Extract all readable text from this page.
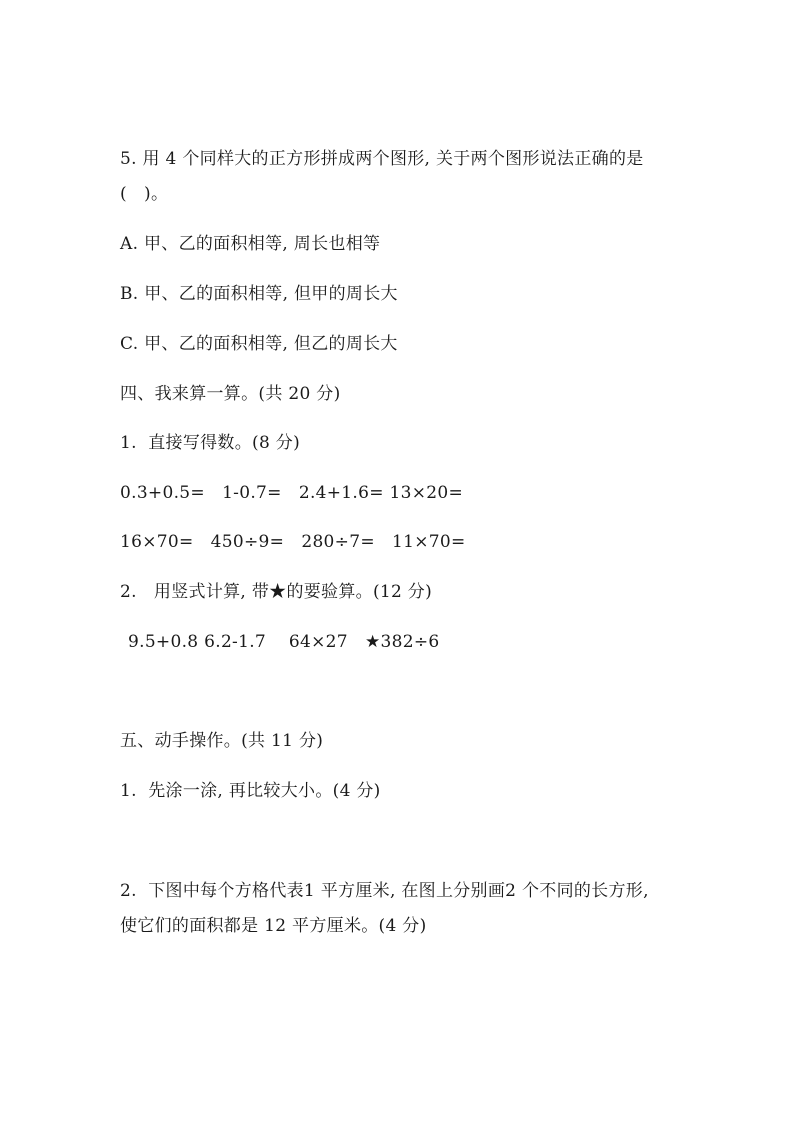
5. 用 4 个同样大的正方形拼成两个图形, 关于两个图形说法正确的是
(   )。
A. 甲、乙的面积相等, 周长也相等
B. 甲、乙的面积相等, 但甲的周长大
C. 甲、乙的面积相等, 但乙的周长大
四、我来算一算。(共 20 分)
1.  直接写得数。(8 分)
0.3+0.5=   1-0.7=   2.4+1.6= 13×20=
16×70=   450÷9=   280÷7=   11×70=
2.   用竖式计算, 带★的要验算。(12 分)
9.5+0.8 6.2-1.7    64×27   ★382÷6
五、动手操作。(共 11 分)
1.  先涂一涂, 再比较大小。(4 分)
2.  下图中每个方格代表1 平方厘米, 在图上分别画2 个不同的长方形,
使它们的面积都是 12 平方厘米。(4 分)
